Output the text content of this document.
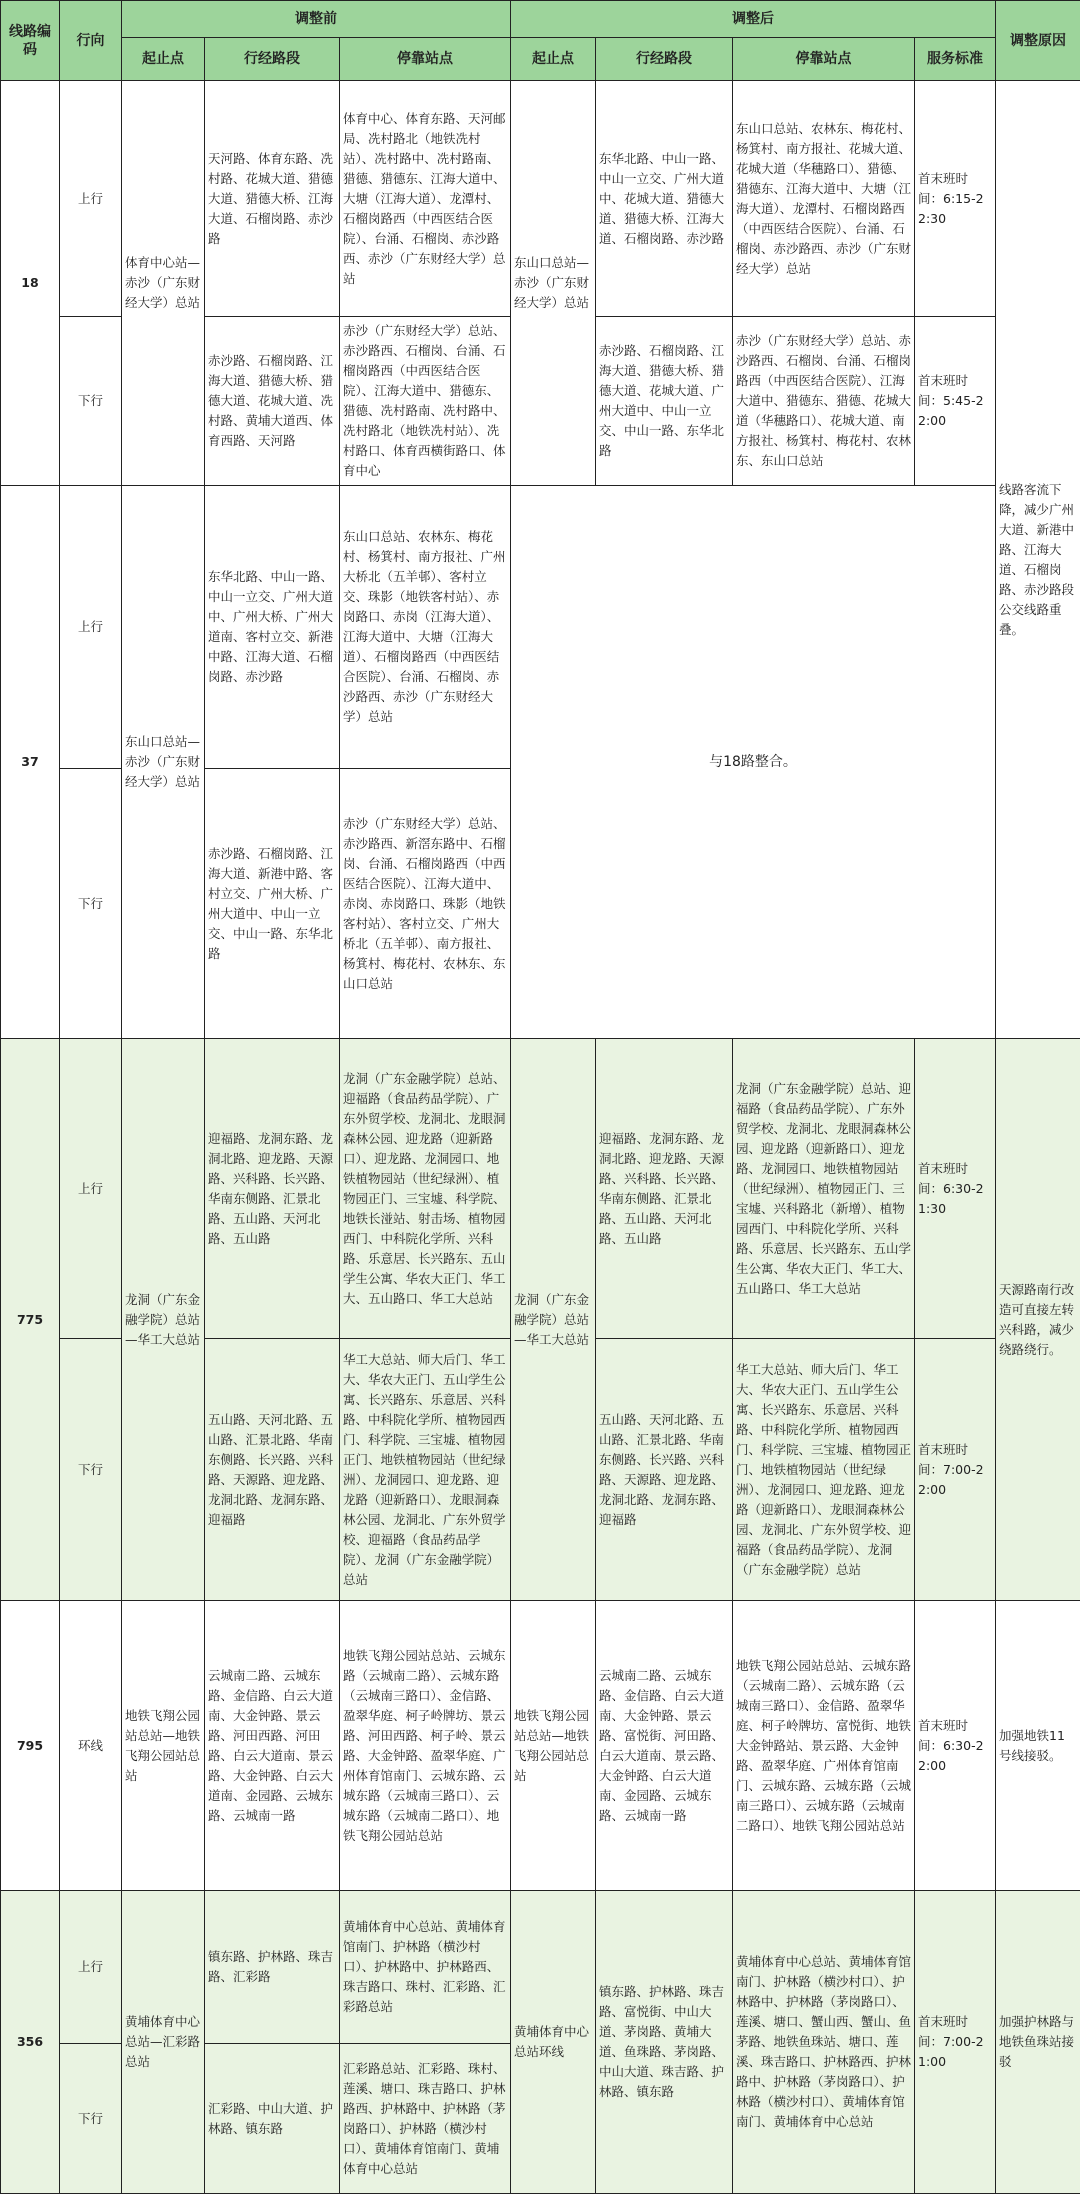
线路编码	行向	调整前			调整后				调整原因
		起止点	行经路段	停靠站点	起止点	行经路段	停靠站点	服务标准	
18	上行	体育中心站—赤沙（广东财经大学）总站	天河路、体育东路、冼村路、花城大道、猎德大道、猎德大桥、江海大道、石榴岗路、赤沙路	体育中心、体育东路、天河邮局、冼村路北（地铁冼村站）、冼村路中、冼村路南、猎德、猎德东、江海大道中、大塘（江海大道）、龙潭村、石榴岗路西（中西医结合医院）、台涌、石榴岗、赤沙路西、赤沙（广东财经大学）总站	东山口总站—赤沙（广东财经大学）总站	东华北路、中山一路、中山一立交、广州大道中、花城大道、猎德大道、猎德大桥、江海大道、石榴岗路、赤沙路	东山口总站、农林东、梅花村、杨箕村、南方报社、花城大道、花城大道（华穗路口）、猎德、猎德东、江海大道中、大塘（江海大道）、龙潭村、石榴岗路西（中西医结合医院）、台涌、石榴岗、赤沙路西、赤沙（广东财经大学）总站	首末班时间：6:15-22:30	线路客流下降，减少广州大道、新港中路、江海大道、石榴岗路、赤沙路段公交线路重叠。
	下行		赤沙路、石榴岗路、江海大道、猎德大桥、猎德大道、花城大道、冼村路、黄埔大道西、体育西路、天河路	赤沙（广东财经大学）总站、赤沙路西、石榴岗、台涌、石榴岗路西（中西医结合医院）、江海大道中、猎德东、猎德、冼村路南、冼村路中、冼村路北（地铁冼村站）、冼村路口、体育西横街路口、体育中心		赤沙路、石榴岗路、江海大道、猎德大桥、猎德大道、花城大道、广州大道中、中山一立交、中山一路、东华北路	赤沙（广东财经大学）总站、赤沙路西、石榴岗、台涌、石榴岗路西（中西医结合医院）、江海大道中、猎德东、猎德、花城大道（华穗路口）、花城大道、南方报社、杨箕村、梅花村、农林东、东山口总站	首末班时间：5:45-22:00	
37	上行	东山口总站—赤沙（广东财经大学）总站	东华北路、中山一路、中山一立交、广州大道中、广州大桥、广州大道南、客村立交、新港中路、江海大道、石榴岗路、赤沙路	东山口总站、农林东、梅花村、杨箕村、南方报社、广州大桥北（五羊邨）、客村立交、珠影（地铁客村站）、赤岗路口、赤岗（江海大道）、江海大道中、大塘（江海大道）、石榴岗路西（中西医结合医院）、台涌、石榴岗、赤沙路西、赤沙（广东财经大学）总站	与18路整合。				
	下行		赤沙路、石榴岗路、江海大道、新港中路、客村立交、广州大桥、广州大道中、中山一立交、中山一路、东华北路	赤沙（广东财经大学）总站、赤沙路西、新滘东路中、石榴岗、台涌、石榴岗路西（中西医结合医院）、江海大道中、赤岗、赤岗路口、珠影（地铁客村站）、客村立交、广州大桥北（五羊邨）、南方报社、杨箕村、梅花村、农林东、东山口总站					
775	上行	龙洞（广东金融学院）总站—华工大总站	迎福路、龙洞东路、龙洞北路、迎龙路、天源路、兴科路、长兴路、华南东侧路、汇景北路、五山路、天河北路、五山路	龙洞（广东金融学院）总站、迎福路（食品药品学院）、广东外贸学校、龙洞北、龙眼洞森林公园、迎龙路（迎新路口）、迎龙路、龙洞园口、地铁植物园站（世纪绿洲）、植物园正门、三宝墟、科学院、地铁长湴站、射击场、植物园西门、中科院化学所、兴科路、乐意居、长兴路东、五山学生公寓、华农大正门、华工大、五山路口、华工大总站	龙洞（广东金融学院）总站—华工大总站	迎福路、龙洞东路、龙洞北路、迎龙路、天源路、兴科路、长兴路、华南东侧路、汇景北路、五山路、天河北路、五山路	龙洞（广东金融学院）总站、迎福路（食品药品学院）、广东外贸学校、龙洞北、龙眼洞森林公园、迎龙路（迎新路口）、迎龙路、龙洞园口、地铁植物园站（世纪绿洲）、植物园正门、三宝墟、兴科路北（新增）、植物园西门、中科院化学所、兴科路、乐意居、长兴路东、五山学生公寓、华农大正门、华工大、五山路口、华工大总站	首末班时间：6:30-21:30	天源路南行改造可直接左转兴科路，减少绕路绕行。
	下行		五山路、天河北路、五山路、汇景北路、华南东侧路、长兴路、兴科路、天源路、迎龙路、龙洞北路、龙洞东路、迎福路	华工大总站、师大后门、华工大、华农大正门、五山学生公寓、长兴路东、乐意居、兴科路、中科院化学所、植物园西门、科学院、三宝墟、植物园正门、地铁植物园站（世纪绿洲）、龙洞园口、迎龙路、迎龙路（迎新路口）、龙眼洞森林公园、龙洞北、广东外贸学校、迎福路（食品药品学院）、龙洞（广东金融学院）总站		五山路、天河北路、五山路、汇景北路、华南东侧路、长兴路、兴科路、天源路、迎龙路、龙洞北路、龙洞东路、迎福路	华工大总站、师大后门、华工大、华农大正门、五山学生公寓、长兴路东、乐意居、兴科路、中科院化学所、植物园西门、科学院、三宝墟、植物园正门、地铁植物园站（世纪绿洲）、龙洞园口、迎龙路、迎龙路（迎新路口）、龙眼洞森林公园、龙洞北、广东外贸学校、迎福路（食品药品学院）、龙洞（广东金融学院）总站	首末班时间：7:00-22:00	
795	环线	地铁飞翔公园站总站—地铁飞翔公园站总站	云城南二路、云城东路、金信路、白云大道南、大金钟路、景云路、河田西路、河田路、白云大道南、景云路、大金钟路、白云大道南、金园路、云城东路、云城南一路	地铁飞翔公园站总站、云城东路（云城南二路）、云城东路（云城南三路口）、金信路、盈翠华庭、柯子岭牌坊、景云路、河田西路、柯子岭、景云路、大金钟路、盈翠华庭、广州体育馆南门、云城东路、云城东路（云城南三路口）、云城东路（云城南二路口）、地铁飞翔公园站总站	地铁飞翔公园站总站—地铁飞翔公园站总站	云城南二路、云城东路、金信路、白云大道南、大金钟路、景云路、富悦街、河田路、白云大道南、景云路、大金钟路、白云大道南、金园路、云城东路、云城南一路	地铁飞翔公园站总站、云城东路（云城南二路）、云城东路（云城南三路口）、金信路、盈翠华庭、柯子岭牌坊、富悦街、地铁大金钟路站、景云路、大金钟路、盈翠华庭、广州体育馆南门、云城东路、云城东路（云城南三路口）、云城东路（云城南二路口）、地铁飞翔公园站总站	首末班时间：6:30-22:00	加强地铁11号线接驳。
356	上行	黄埔体育中心总站—汇彩路总站	镇东路、护林路、珠吉路、汇彩路	黄埔体育中心总站、黄埔体育馆南门、护林路（横沙村口）、护林路中、护林路西、珠吉路口、珠村、汇彩路、汇彩路总站	黄埔体育中心总站环线	镇东路、护林路、珠吉路、富悦街、中山大道、茅岗路、黄埔大道、鱼珠路、茅岗路、中山大道、珠吉路、护林路、镇东路	黄埔体育中心总站、黄埔体育馆南门、护林路（横沙村口）、护林路中、护林路（茅岗路口）、莲溪、塘口、蟹山西、蟹山、鱼茅路、地铁鱼珠站、塘口、莲溪、珠吉路口、护林路西、护林路中、护林路（茅岗路口）、护林路（横沙村口）、黄埔体育馆南门、黄埔体育中心总站	首末班时间：7:00-21:00	加强护林路与地铁鱼珠站接驳
	下行		汇彩路、中山大道、护林路、镇东路	汇彩路总站、汇彩路、珠村、莲溪、塘口、珠吉路口、护林路西、护林路中、护林路（茅岗路口）、护林路（横沙村口）、黄埔体育馆南门、黄埔体育中心总站					
